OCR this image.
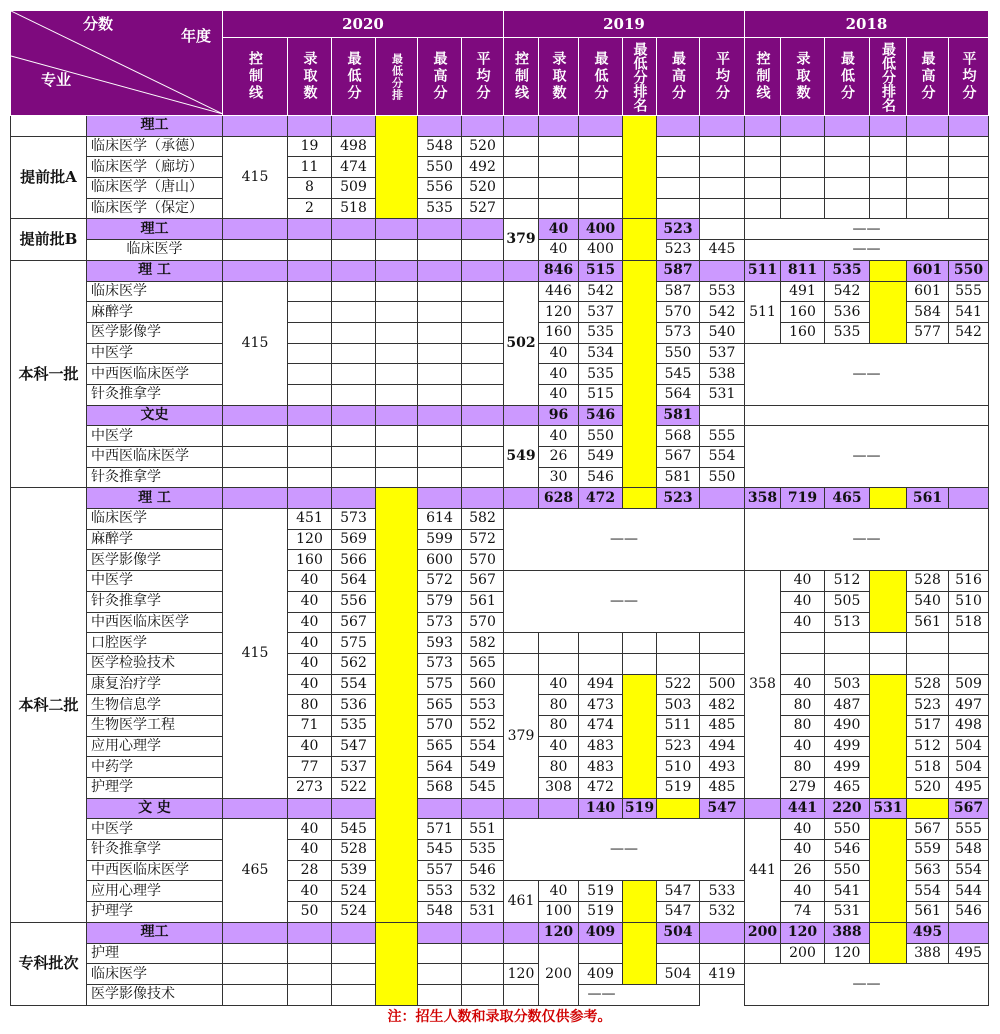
分数
年度
专业		2020						2019						2018						
		控制线	录取数	最低分	最低分排	最高分	平均分	控制线	录取数	最低分	最低分排名	最高分	平均分	控制线	录取数	最低分	最低分排名	最高分	平均分	
	理工																			
提前批A	临床医学（承德）	415	19	498		548	520													
	临床医学（廊坊）		11	474		550	492													
	临床医学（唐山）		8	509		556	520													
	临床医学（保定）		2	518		535	527													
提前批B	理工							379	40	400		523		——						
	临床医学								40	400		523	445	——						
本科一批	理 工								846	515		587		511	811	535		601	550	
	临床医学	415						502	446	542		587	553	511	491	542		601	555	
	麻醉学								120	537		570	542		160	536		584	541	
	医学影像学								160	535		573	540		160	535		577	542	
	中医学								40	534		550	537	——						
	中西医临床医学								40	535		545	538							
	针灸推拿学								40	515		564	531							
	文史								96	546		581								
	中医学							549	40	550		568	555	——						
	中西医临床医学								26	549		567	554							
	针灸推拿学								30	546		581	550							
本科二批	理 工								628	472		523		358	719	465		561		
	临床医学	415	451	573		614	582	——						——						
	麻醉学		120	569		599	572													
	医学影像学		160	566		600	570													
	中医学		40	564		572	567	——						358	40	512		528	516	
	针灸推拿学		40	556		579	561								40	505		540	510	
	中西医临床医学		40	567		573	570								40	513		561	518	
	口腔医学		40	575		593	582													
	医学检验技术		40	562		573	565													
	康复治疗学		40	554		575	560	379	40	494		522	500		40	503		528	509	
	生物信息学		80	536		565	553		80	473		503	482		80	487		523	497	
	生物医学工程		71	535		570	552		80	474		511	485		80	490		517	498	
	应用心理学		40	547		565	554		40	483		523	494		40	499		512	504	
	中药学		77	537		564	549		80	483		510	493		80	499		518	504	
	护理学		273	522		568	545		308	472		519	485		279	465		520	495	
	文 史									140	519		547		441	220	531		567	
	中医学	465	40	545		571	551	——						441	40	550		567	555	
	针灸推拿学		40	528		545	535								40	546		559	548	
	中西医临床医学		28	539		557	546								26	550		563	554	
	应用心理学		40	524		553	532	461	40	519		547	533		40	541		554	544	
	护理学		50	524		548	531		100	519		547	532		74	531		561	546	
专科批次	理工								120	409		504		200	120	388		495		
	护理								200						200	120		388	495	
	临床医学							120		409		504	419	——						
	医学影像技术							——												
注：招生人数和录取分数仅供参考。																				
